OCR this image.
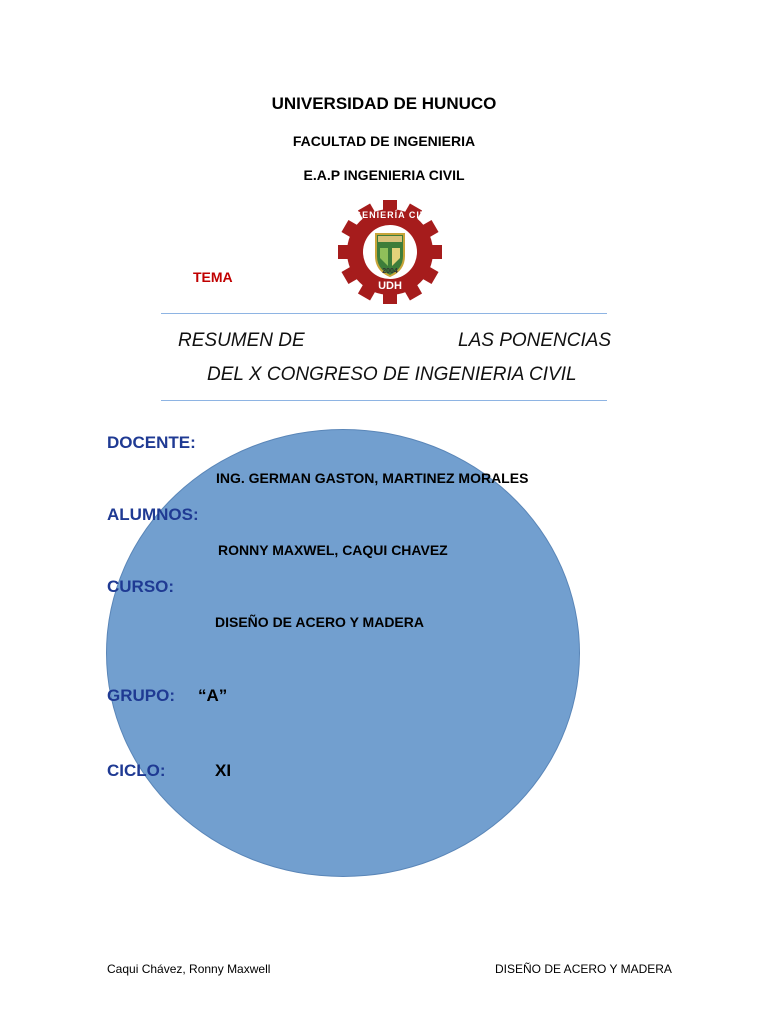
UNIVERSIDAD DE HUNUCO
FACULTAD DE INGENIERIA
E.A.P INGENIERIA CIVIL
TEMA
INGENIERÍA CIVIL
2004
UDH
RESUMEN DE	LAS PONENCIAS
DEL X CONGRESO DE INGENIERIA CIVIL
DOCENTE:
ING. GERMAN GASTON, MARTINEZ MORALES
ALUMNOS:
RONNY MAXWEL, CAQUI CHAVEZ
CURSO:
DISEÑO DE ACERO Y MADERA
GRUPO: “A”
CICLO:	XI
Caqui Chávez, Ronny Maxwell	DISEÑO DE ACERO Y MADERA
